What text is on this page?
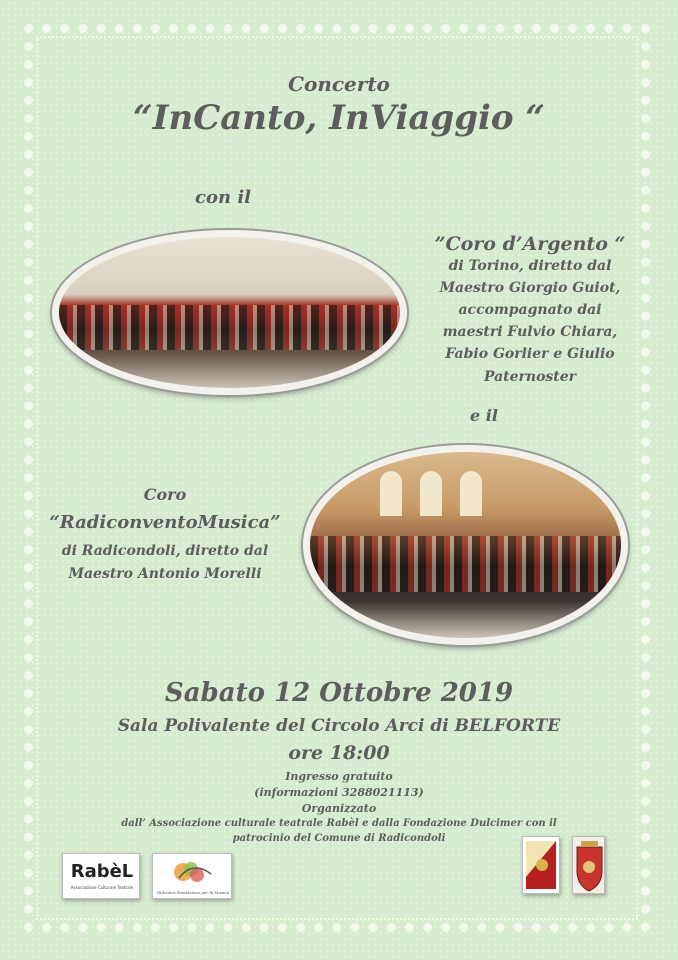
Concerto
“InCanto, InViaggio “
con il
”Coro d’Argento “
di Torino, diretto dal
Maestro Giorgio Guiot,
accompagnato dai
maestri Fulvio Chiara,
Fabio Gorlier e Giulio
Paternoster
e il
Coro
“RadiconventoMusica”
di Radicondoli, diretto dal
Maestro Antonio Morelli
Sabato 12 Ottobre 2019
Sala Polivalente del Circolo Arci di BELFORTE
ore 18:00
Ingresso gratuito
(informazioni 3288021113)
Organizzato
dall’ Associazione culturale teatrale Rabèl e dalla Fondazione Dulcimer con il
patrocinio del Comune di Radicondoli
RabèL
Associazione Culturale Teatrale
Dulcimer Fondazione per la Musica
